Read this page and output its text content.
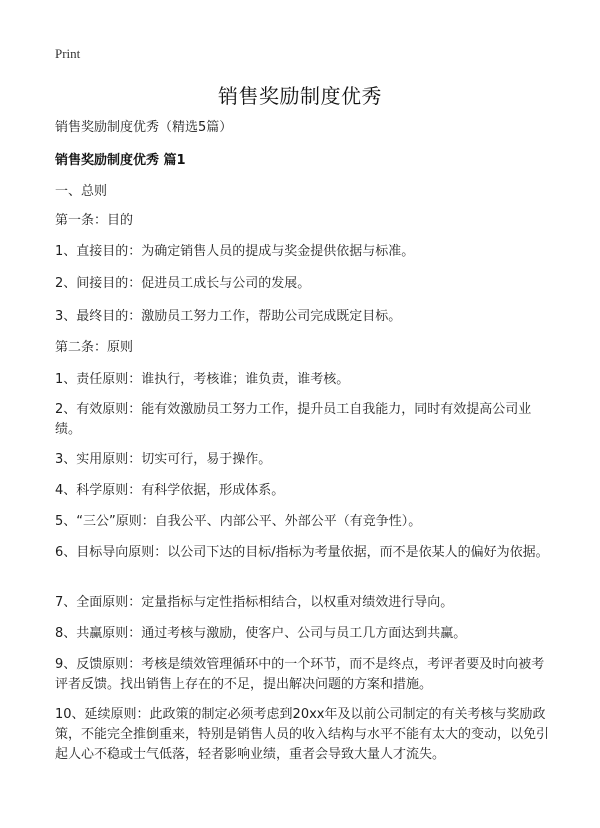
Print
销售奖励制度优秀
销售奖励制度优秀（精选5篇）
销售奖励制度优秀 篇1
一、总则
第一条：目的
1、直接目的：为确定销售人员的提成与奖金提供依据与标准。
2、间接目的：促进员工成长与公司的发展。
3、最终目的：激励员工努力工作，帮助公司完成既定目标。
第二条：原则
1、责任原则：谁执行，考核谁；谁负责，谁考核。
2、有效原则：能有效激励员工努力工作，提升员工自我能力，同时有效提高公司业绩。
3、实用原则：切实可行，易于操作。
4、科学原则：有科学依据，形成体系。
5、“三公”原则：自我公平、内部公平、外部公平（有竞争性）。
6、目标导向原则：以公司下达的目标/指标为考量依据，而不是依某人的偏好为依据。
7、全面原则：定量指标与定性指标相结合，以权重对绩效进行导向。
8、共赢原则：通过考核与激励，使客户、公司与员工几方面达到共赢。
9、反馈原则：考核是绩效管理循环中的一个环节，而不是终点，考评者要及时向被考评者反馈。找出销售上存在的不足，提出解决问题的方案和措施。
10、延续原则：此政策的制定必须考虑到20xx年及以前公司制定的有关考核与奖励政策，不能完全推倒重来，特别是销售人员的收入结构与水平不能有太大的变动，以免引起人心不稳或士气低落，轻者影响业绩，重者会导致大量人才流失。
